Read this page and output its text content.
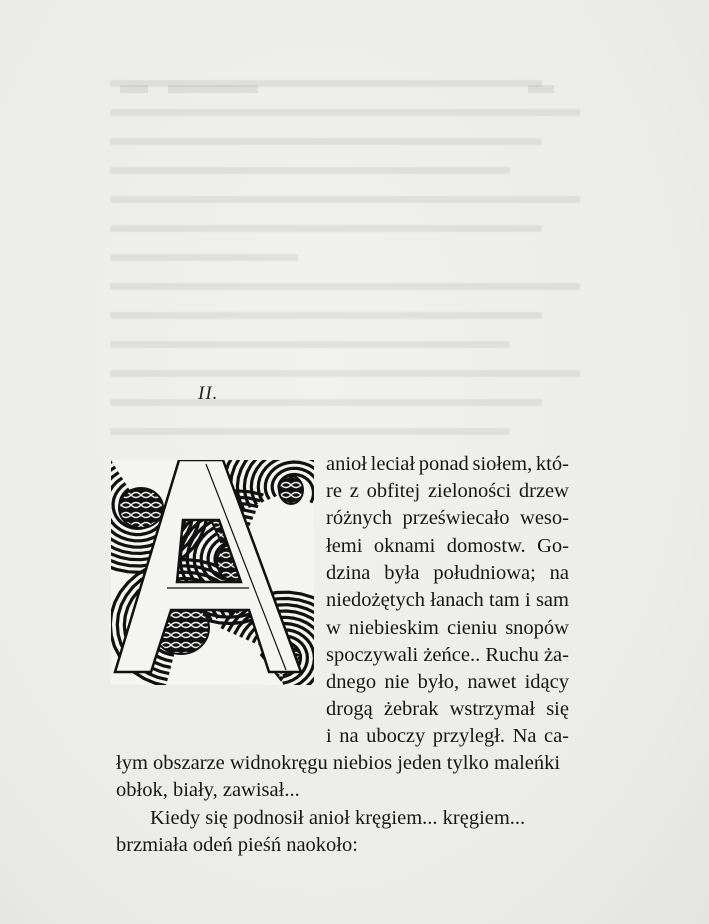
II.
anioł leciał ponad siołem, któ-
re z obfitej zieloności drzew
różnych przeświecało weso-
łemi oknami domostw. Go-
dzina była południowa; na
niedożętych łanach tam i sam
w niebieskim cieniu snopów
spoczywali żeńce.. Ruchu ża-
dnego nie było, nawet idący
drogą żebrak wstrzymał się
i na uboczy przyległ. Na ca-
łym obszarze widnokręgu niebios jeden tylko maleńki
obłok, biały, zawisał...
Kiedy się podnosił anioł kręgiem... kręgiem...
brzmiała odeń pieśń naokoło:
